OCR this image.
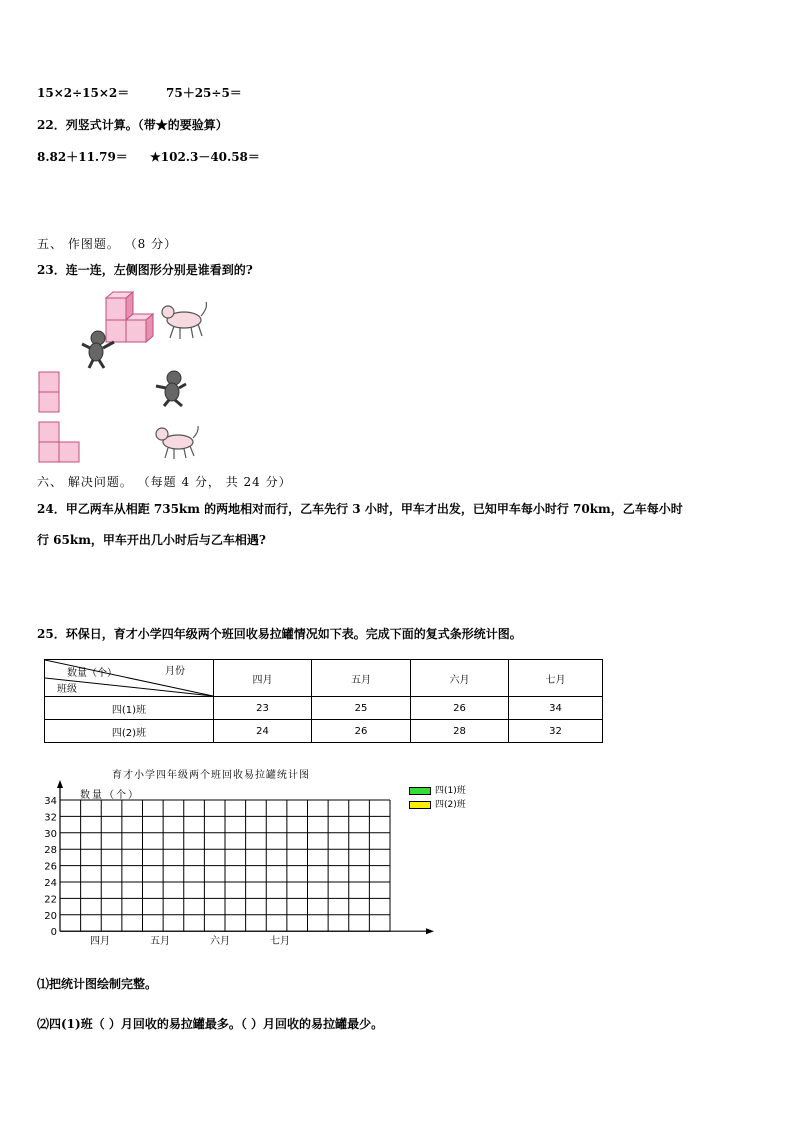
15×2÷15×2＝	75＋25÷5＝
22．列竖式计算。（带★的要验算）
8.82＋11.79＝ ★102.3－40.58＝
五、 作图题。 （8 分）
23．连一连，左侧图形分别是谁看到的?
六、 解决问题。 （每题 4 分， 共 24 分）
24．甲乙两车从相距 735km 的两地相对而行，乙车先行 3 小时，甲车才出发，已知甲车每小时行 70km，乙车每小时
行 65km，甲车开出几小时后与乙车相遇?
25．环保日，育才小学四年级两个班回收易拉罐情况如下表。完成下面的复式条形统计图。
月份
数量（个）
班级	四月	五月	六月	七月
四(1)班	23	25	26	34
四(2)班	24	26	28	32
育才小学四年级两个班回收易拉罐统计图
数量（个）	四(1)班
四(2)班
34
32
30
28
26
24
22
20
0
四月	五月	六月	七月
⑴把统计图绘制完整。
⑵四(1)班（ ）月回收的易拉罐最多。（ ）月回收的易拉罐最少。
